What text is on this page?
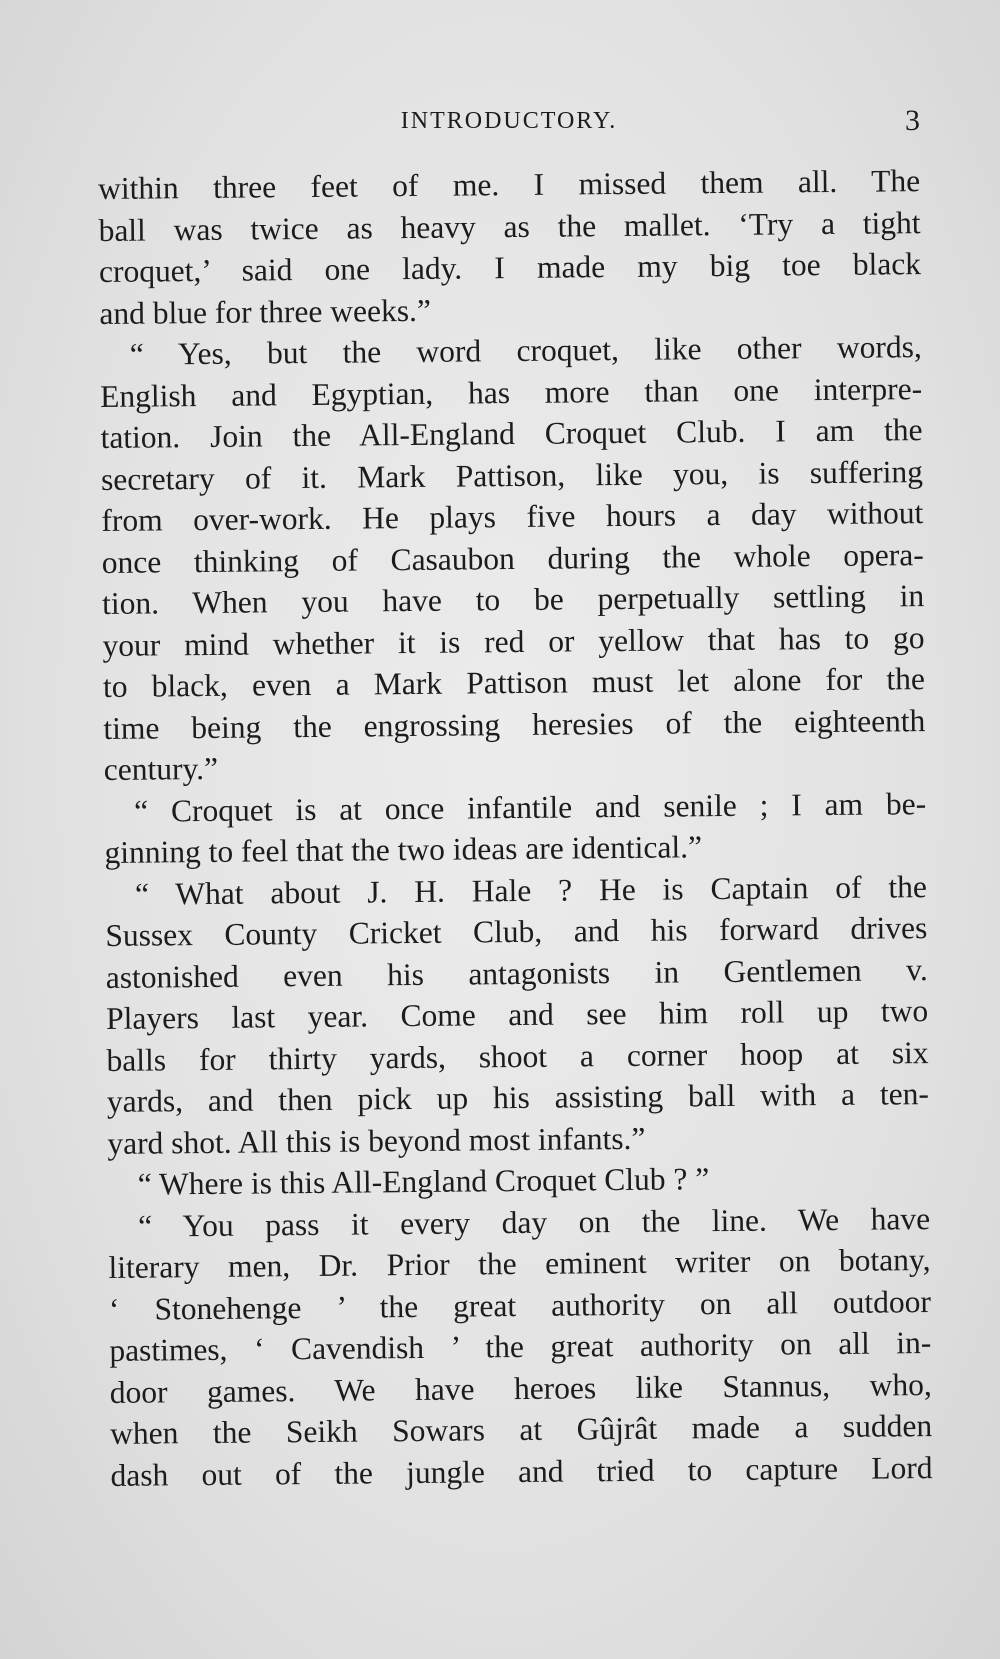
INTRODUCTORY.	3
within three feet of me. I missed them all. The
ball was twice as heavy as the mallet. ‘Try a tight
croquet,’ said one lady. I made my big toe black
and blue for three weeks.”
“ Yes, but the word croquet, like other words,
English and Egyptian, has more than one interpre-
tation. Join the All-England Croquet Club. I am the
secretary of it. Mark Pattison, like you, is suffering
from over-work. He plays five hours a day without
once thinking of Casaubon during the whole opera-
tion. When you have to be perpetually settling in
your mind whether it is red or yellow that has to go
to black, even a Mark Pattison must let alone for the
time being the engrossing heresies of the eighteenth
century.”
“ Croquet is at once infantile and senile ; I am be-
ginning to feel that the two ideas are identical.”
“ What about J. H. Hale ? He is Captain of the
Sussex County Cricket Club, and his forward drives
astonished even his antagonists in Gentlemen v.
Players last year. Come and see him roll up two
balls for thirty yards, shoot a corner hoop at six
yards, and then pick up his assisting ball with a ten-
yard shot. All this is beyond most infants.”
“ Where is this All-England Croquet Club ? ”
“ You pass it every day on the line. We have
literary men, Dr. Prior the eminent writer on botany,
‘ Stonehenge ’ the great authority on all outdoor
pastimes, ‘ Cavendish ’ the great authority on all in-
door games. We have heroes like Stannus, who,
when the Seikh Sowars at Gûjrât made a sudden
dash out of the jungle and tried to capture Lord
